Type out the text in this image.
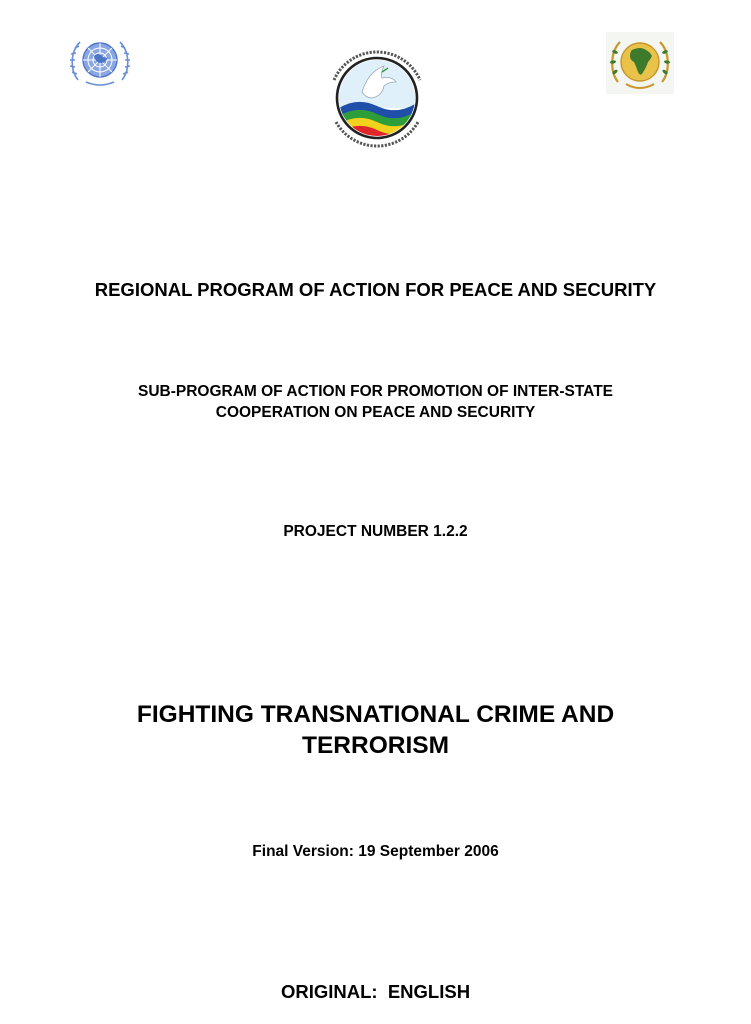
REGIONAL PROGRAM OF ACTION FOR PEACE AND SECURITY
SUB-PROGRAM OF ACTION FOR PROMOTION OF INTER-STATE
COOPERATION ON PEACE AND SECURITY
PROJECT NUMBER 1.2.2
FIGHTING TRANSNATIONAL CRIME AND
TERRORISM
Final Version: 19 September 2006
ORIGINAL:  ENGLISH
